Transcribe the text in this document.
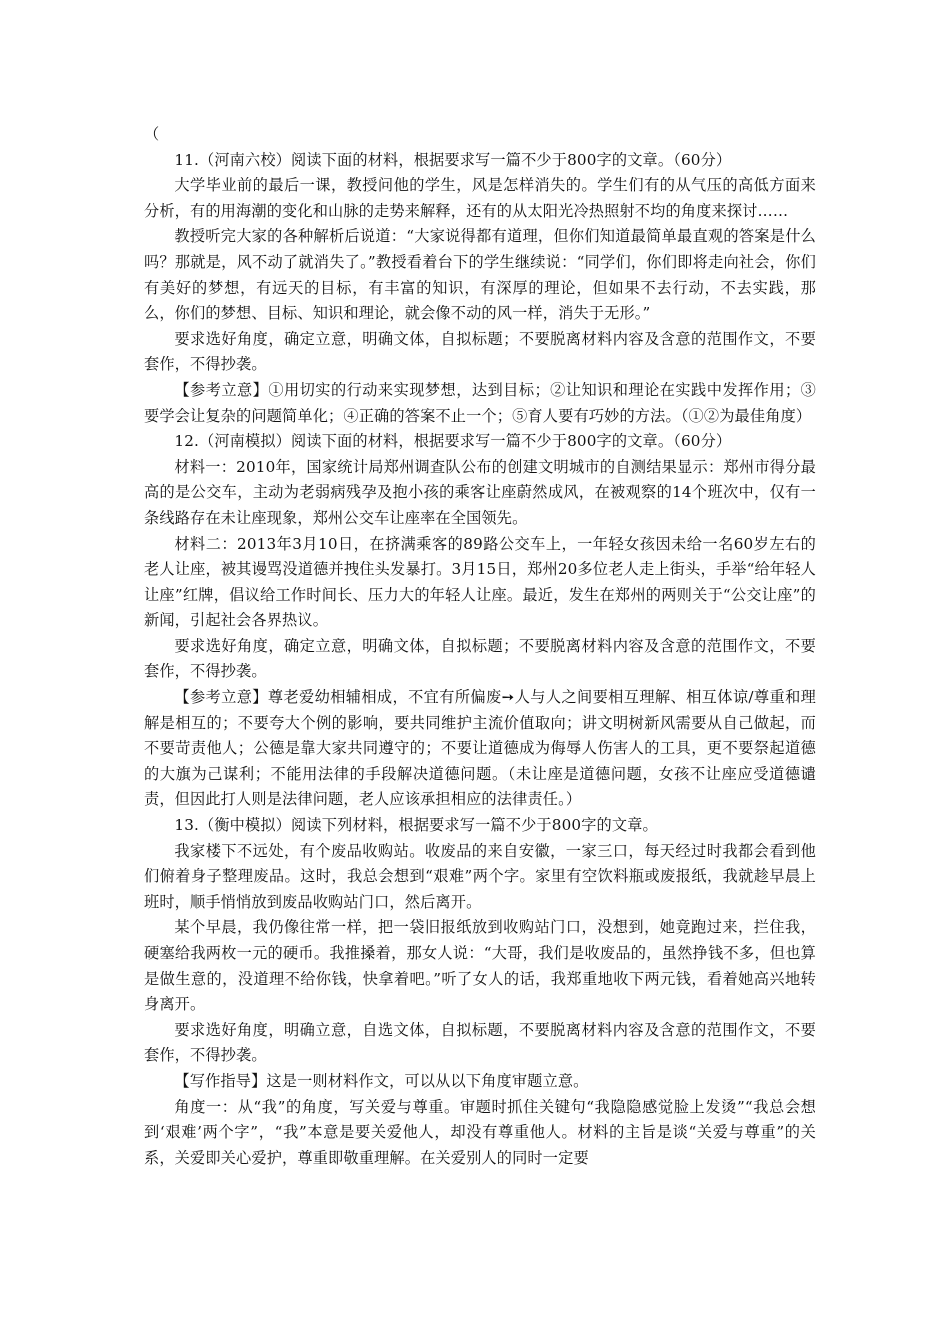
（

11.（河南六校）阅读下面的材料，根据要求写一篇不少于800字的文章。（60分）

大学毕业前的最后一课，教授问他的学生，风是怎样消失的。学生们有的从气压的高低方面来分析，有的用海潮的变化和山脉的走势来解释，还有的从太阳光冷热照射不均的角度来探讨……

教授听完大家的各种解析后说道：“大家说得都有道理，但你们知道最简单最直观的答案是什么吗？那就是，风不动了就消失了。”教授看着台下的学生继续说：“同学们，你们即将走向社会，你们有美好的梦想，有远天的目标，有丰富的知识，有深厚的理论，但如果不去行动，不去实践，那么，你们的梦想、目标、知识和理论，就会像不动的风一样，消失于无形。”

要求选好角度，确定立意，明确文体，自拟标题；不要脱离材料内容及含意的范围作文，不要套作，不得抄袭。

【参考立意】①用切实的行动来实现梦想，达到目标；②让知识和理论在实践中发挥作用；③要学会让复杂的问题简单化；④正确的答案不止一个；⑤育人要有巧妙的方法。（①②为最佳角度）

12.（河南模拟）阅读下面的材料，根据要求写一篇不少于800字的文章。（60分）

材料一：2010年，国家统计局郑州调查队公布的创建文明城市的自测结果显示：郑州市得分最高的是公交车，主动为老弱病残孕及抱小孩的乘客让座蔚然成风，在被观察的14个班次中，仅有一条线路存在未让座现象，郑州公交车让座率在全国领先。

材料二：2013年3月10日，在挤满乘客的89路公交车上，一年轻女孩因未给一名60岁左右的老人让座，被其谩骂没道德并拽住头发暴打。3月15日，郑州20多位老人走上街头，手举“给年轻人让座”红牌，倡议给工作时间长、压力大的年轻人让座。最近，发生在郑州的两则关于“公交让座”的新闻，引起社会各界热议。

要求选好角度，确定立意，明确文体，自拟标题；不要脱离材料内容及含意的范围作文，不要套作，不得抄袭。

【参考立意】尊老爱幼相辅相成，不宜有所偏废➙人与人之间要相互理解、相互体谅/尊重和理解是相互的；不要夸大个例的影响，要共同维护主流价值取向；讲文明树新风需要从自己做起，而不要苛责他人；公德是靠大家共同遵守的；不要让道德成为侮辱人伤害人的工具，更不要祭起道德的大旗为己谋利；不能用法律的手段解决道德问题。（未让座是道德问题，女孩不让座应受道德谴责，但因此打人则是法律问题，老人应该承担相应的法律责任。）

13.（衡中模拟）阅读下列材料，根据要求写一篇不少于800字的文章。

我家楼下不远处，有个废品收购站。收废品的来自安徽，一家三口，每天经过时我都会看到他们俯着身子整理废品。这时，我总会想到“艰难”两个字。家里有空饮料瓶或废报纸，我就趁早晨上班时，顺手悄悄放到废品收购站门口，然后离开。

某个早晨，我仍像往常一样，把一袋旧报纸放到收购站门口，没想到，她竟跑过来，拦住我，硬塞给我两枚一元的硬币。我推搡着，那女人说：“大哥，我们是收废品的，虽然挣钱不多，但也算是做生意的，没道理不给你钱，快拿着吧。”听了女人的话，我郑重地收下两元钱，看着她高兴地转身离开。

要求选好角度，明确立意，自选文体，自拟标题，不要脱离材料内容及含意的范围作文，不要套作，不得抄袭。

【写作指导】这是一则材料作文，可以从以下角度审题立意。

角度一：从“我”的角度，写关爱与尊重。审题时抓住关键句“我隐隐感觉脸上发烫”“我总会想到‘艰难’两个字”，“我”本意是要关爱他人，却没有尊重他人。材料的主旨是谈“关爱与尊重”的关系，关爱即关心爱护，尊重即敬重理解。在关爱别人的同时一定要
